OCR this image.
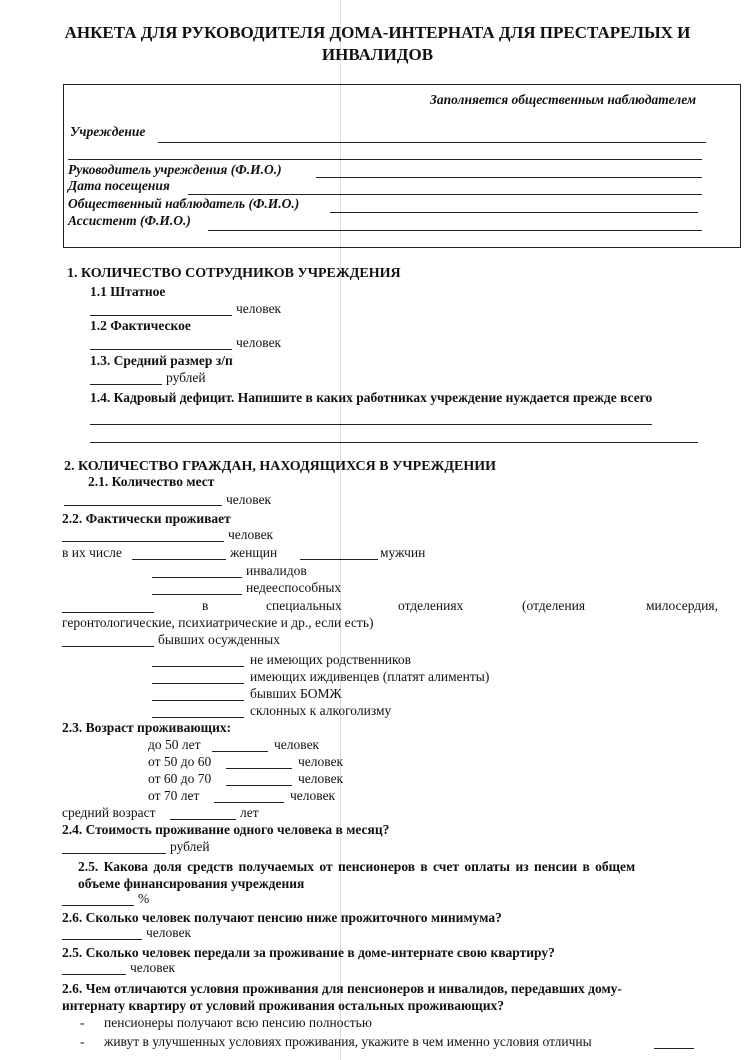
АНКЕТА ДЛЯ РУКОВОДИТЕЛЯ ДОМА-ИНТЕРНАТА ДЛЯ ПРЕСТАРЕЛЫХ И ИНВАЛИДОВ
Заполняется общественным наблюдателем
Учреждение
Руководитель учреждения (Ф.И.О.)
Дата посещения
Общественный наблюдатель (Ф.И.О.)
Ассистент (Ф.И.О.)
1. КОЛИЧЕСТВО СОТРУДНИКОВ УЧРЕЖДЕНИЯ
1.1 Штатное
человек
1.2 Фактическое
человек
1.3. Средний размер з/п
рублей
1.4. Кадровый дефицит. Напишите в каких работниках учреждение нуждается прежде всего
2. КОЛИЧЕСТВО ГРАЖДАН, НАХОДЯЩИХСЯ В УЧРЕЖДЕНИИ
2.1. Количество мест
человек
2.2. Фактически проживает
человек
в их числе	женщин	мужчин
инвалидов
недееспособных
в	специальных	отделениях	(отделения	милосердия,
геронтологические, психиатрические и др., если есть)
бывших осужденных
не имеющих родственников
имеющих иждивенцев (платят алименты)
бывших БОМЖ
склонных к алкоголизму
2.3. Возраст проживающих:
до 50 лет	человек
от 50 до 60	человек
от 60 до 70	человек
от 70 лет	человек
средний возраст	лет
2.4. Стоимость проживание одного человека в месяц?
рублей
2.5. Какова доля средств получаемых от пенсионеров в счет оплаты из пенсии в общем
объеме финансирования учреждения
%
2.6. Сколько человек получают пенсию ниже прожиточного минимума?
человек
2.5. Сколько человек передали за проживание в доме-интернате свою квартиру?
человек
2.6. Чем отличаются условия проживания для пенсионеров и инвалидов, передавших дому-
интернату квартиру от условий проживания остальных проживающих?
- пенсионеры получают всю пенсию полностью
- живут в улучшенных условиях проживания, укажите в чем именно условия отличны
